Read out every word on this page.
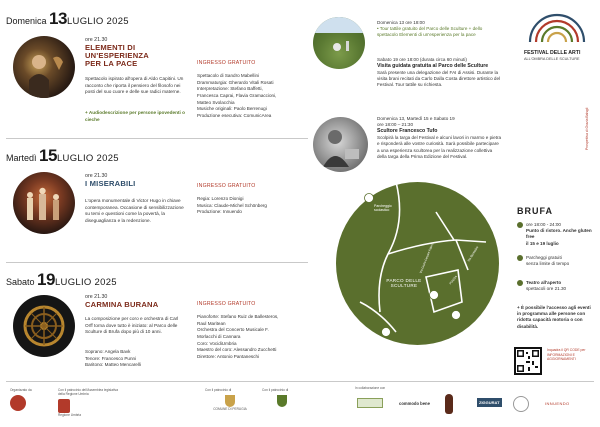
Domenica 13LUGLIO 2025
ore 21.30
ELEMENTI DI
UN'ESPERIENZA
PER LA PACE
Spettacolo ispirato all'opera di Aldo Capitini. Un racconto che riporta il pensiero del filosofo nei posti del suo cuore e delle sue radici materne.
+ Audiodescrizione per persone ipovedenti o cieche
INGRESSO GRATUITO
Spettacolo di Sandro Mabellini
Drammaturgia: Gherardo Vitali Rosati
Interpretazione: Stefano Baffetti,
Francesca Caprai, Flavia Gramaccioni,
Matteo Svolacchia
Musiche originali: Paolo Berrenugi
Produzione esecutiva: ComunicArea
Martedì 15LUGLIO 2025
ore 21.30
I MISERABILI
L'opera monumentale di Victor Hugo in chiave contemporanea. Occasione di sensibilizzazione su temi e questioni come la povertà, la diseguaglianza e la redenzione.
INGRESSO GRATUITO
Regia: Lorenzo Dionigi
Musica: Claude-Michel Schönberg
Produzione: Innuendo
Sabato 19LUGLIO 2025
ore 21.30
CARMINA BURANA
La composizione per coro e orchestra di Carl Orff torna dove tutto è iniziato: al Parco delle Sculture di Brufa dopo più di 10 anni.
Soprano: Angela Bavk
Tenore: Francesco Punni
Baritono: Matteo Mencarelli
INGRESSO GRATUITO
Pianoforte: Stefano Ruiz de Ballesteros,
Raul Maritean
Orchestra del Concerto Musicale F.
Morlacchi di Cannara
Coro: VocidiUmbria
Maestro del coro: Alessandro Zucchetti
Direttore: Antonio Pantaneschi
Domenica 13 ore 18:00
• Tour tattile gratuito del Parco delle Sculture + dello spettacolo Elementi di un'esperienza per la pace
Sabato 19 ore 18:00 (durata circa 60 minuti)
Visita guidata gratuita al Parco delle Sculture
Sarà presente una delegazione del FAI di Assisi. Durante la visita brani recitati da Carlo Dalla Costa direttore artistico del Festival. Tour tattile su richiesta.
Domenica 13, Martedì 15 e Sabato 19
ore 18:00 – 21:30
Scultore Francesco Tufo
Scolpirà la targa del Festival e alcuni lavori in marmo e pietra e risponderà alle vostre curiosità. Sarà possibile partecipare a una esperienza scultorea per la realizzazione collettiva della targa della Prima Edizione del Festival.
FESTIVAL DELLE ARTI
ALL'OMBRA DELLE SCULTURE
Prospettiva di Grazia Balsgli
Parcheggio scolastico
PARCO DELLE SCULTURE
Via Bontadini
Via Giulio Cesare Fabrizi
PIAZZA
BRUFA
ore 18:00 - 24:00
Punto di ristoro. Anche gluten free
il 15 e 19 luglio
Parcheggi gratuiti
senza limite di tempo
Teatro all'aperto
spettacoli ore 21.30
+ È possibile l'accesso agli eventi in programma alle persone con ridotta capacità motoria o con disabilità.
Inquadra il QR CODE per INFORMAZIONI E AGGIORNAMENTI
Organizzato da	Con il patrocinio dell'Assemblea legislativa della Regione Umbria
Regione Umbria
Con il patrocinio di
COMUNE DI PERUGIA
Con il patrocinio di	In collaborazione con
commodo bene	ZIGGURAT	INNUENDO
